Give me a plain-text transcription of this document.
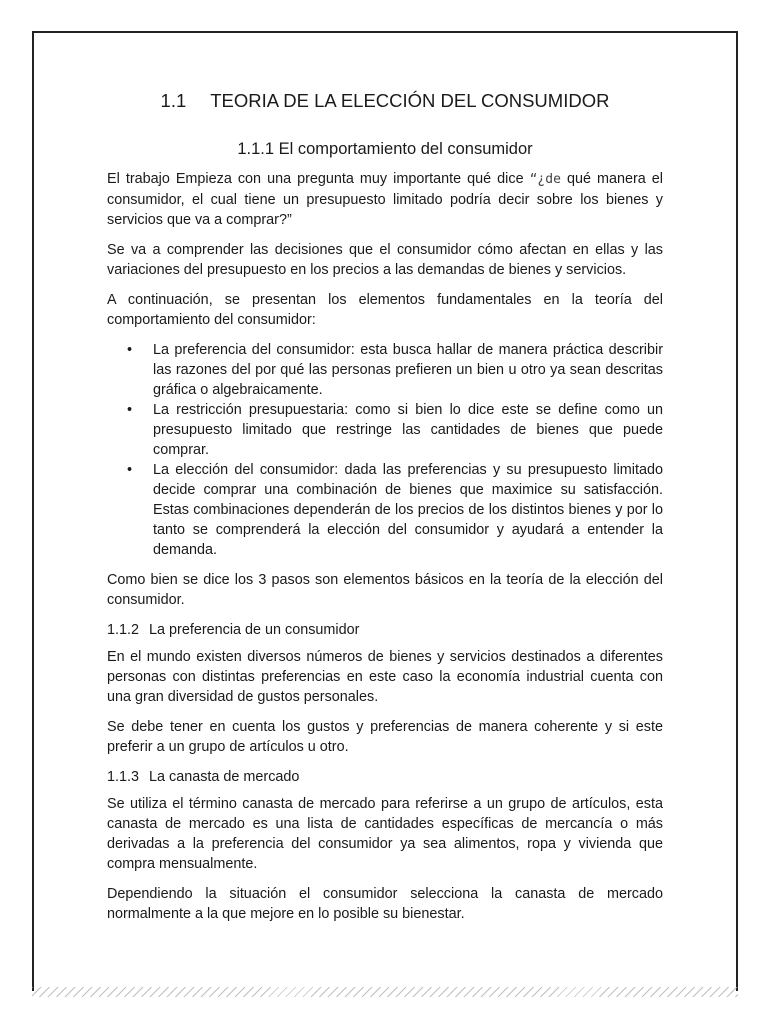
1.1 TEORIA DE LA ELECCIÓN DEL CONSUMIDOR
1.1.1 El comportamiento del consumidor

El trabajo Empieza con una pregunta muy importante qué dice “¿de qué manera el consumidor, el cual tiene un presupuesto limitado podría decir sobre los bienes y servicios que va a comprar?”

Se va a comprender las decisiones que el consumidor cómo afectan en ellas y las variaciones del presupuesto en los precios a las demandas de bienes y servicios.

A continuación, se presentan los elementos fundamentales en la teoría del comportamiento del consumidor:

• La preferencia del consumidor: esta busca hallar de manera práctica describir las razones del por qué las personas prefieren un bien u otro ya sean descritas gráfica o algebraicamente.
• La restricción presupuestaria: como si bien lo dice este se define como un presupuesto limitado que restringe las cantidades de bienes que puede comprar.
• La elección del consumidor: dada las preferencias y su presupuesto limitado decide comprar una combinación de bienes que maximice su satisfacción. Estas combinaciones dependerán de los precios de los distintos bienes y por lo tanto se comprenderá la elección del consumidor y ayudará a entender la demanda.

Como bien se dice los 3 pasos son elementos básicos en la teoría de la elección del consumidor.

1.1.2 La preferencia de un consumidor

En el mundo existen diversos números de bienes y servicios destinados a diferentes personas con distintas preferencias en este caso la economía industrial cuenta con una gran diversidad de gustos personales.

Se debe tener en cuenta los gustos y preferencias de manera coherente y si este preferir a un grupo de artículos u otro.

1.1.3 La canasta de mercado

Se utiliza el término canasta de mercado para referirse a un grupo de artículos, esta canasta de mercado es una lista de cantidades específicas de mercancía o más derivadas a la preferencia del consumidor ya sea alimentos, ropa y vivienda que compra mensualmente.

Dependiendo la situación el consumidor selecciona la canasta de mercado normalmente a la que mejore en lo posible su bienestar.
